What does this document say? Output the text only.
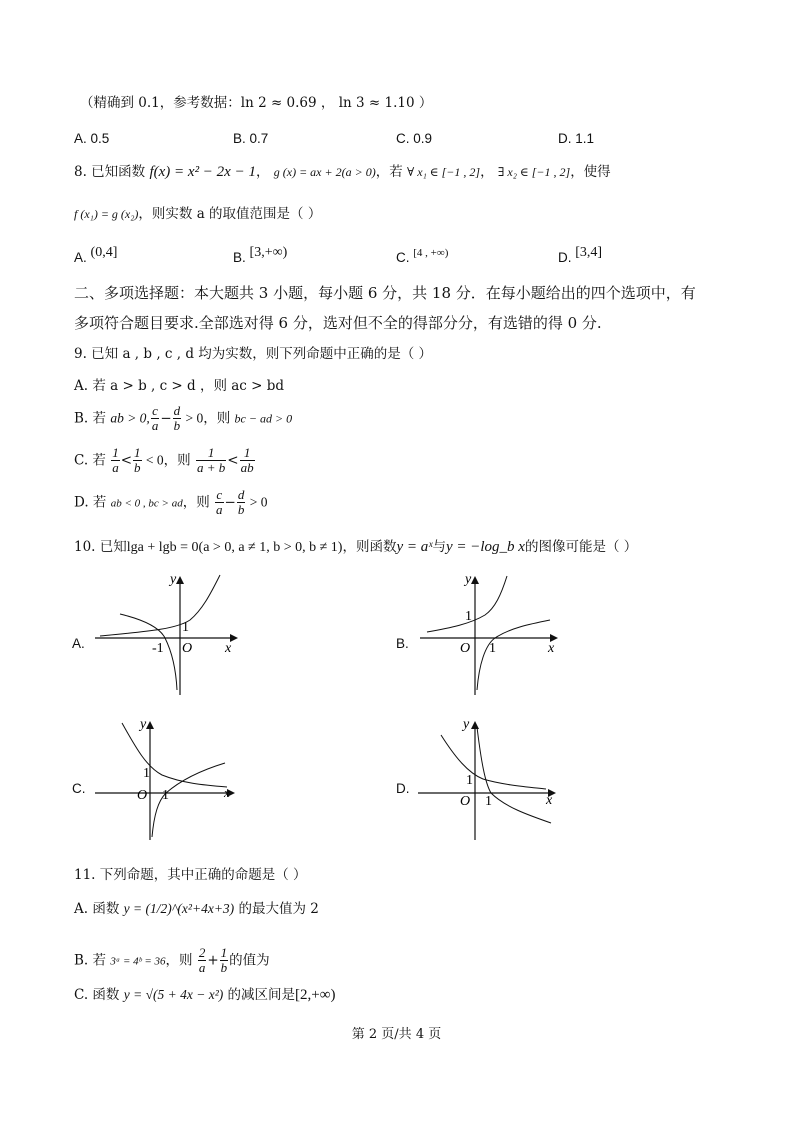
（精确到 0.1，参考数据：ln 2 ≈ 0.69 ， ln 3 ≈ 1.10 ）
A. 0.5	B. 0.7	C. 0.9	D. 1.1
8. 已知函数 f(x) = x² − 2x − 1， g (x) = ax + 2(a > 0)，若 ∀ x₁ ∈ [−1 , 2]， ∃ x₂ ∈ [−1 , 2]，使得
f (x₁) = g (x₂)，则实数 a 的取值范围是（ ）
A. (0,4]	B. [3,+∞)	C. $^{[4 , +\infty)}$	D. [3,4]
二、多项选择题：本大题共 3 小题，每小题 6 分，共 18 分．在每小题给出的四个选项中，有
多项符合题目要求.全部选对得 6 分，选对但不全的得部分分，有选错的得 0 分.
9. 已知 a , b , c , d 均为实数，则下列命题中正确的是（ ）
A. 若 a > b , c > d ，则 ac > bd
B. 若 ab > 0, $\frac{c}{a} - \frac{d}{b} > 0$，则 bc − ad > 0
C. 若 $\frac{1}{a} < \frac{1}{b} < 0$，则 $\frac{1}{a + b} < \frac{1}{ab}$
D. 若 ab < 0 , bc > ad，则 $\frac{c}{a} - \frac{d}{b} > 0$
10. 已知lga + lgb = 0(a > 0, a ≠ 1, b > 0, b ≠ 1)，则函数y = aˣ与y = −log_b x的图像可能是（ ）
A.
y
x
1
-1 O	B.
y
x
1
O 1
C.
y
x
1
O 1	D.
y
x
1
O 1
11. 下列命题，其中正确的命题是（ ）
A. 函数 y = (1/2)^(x²+4x+3) 的最大值为 2
B. 若 3ᵃ = 4ᵇ = 36，则 $\frac{2}{a} + \frac{1}{b}$ 的值为
C. 函数 y = √(5 + 4x − x²) 的减区间是[2,+∞)
第 2 页/共 4 页
